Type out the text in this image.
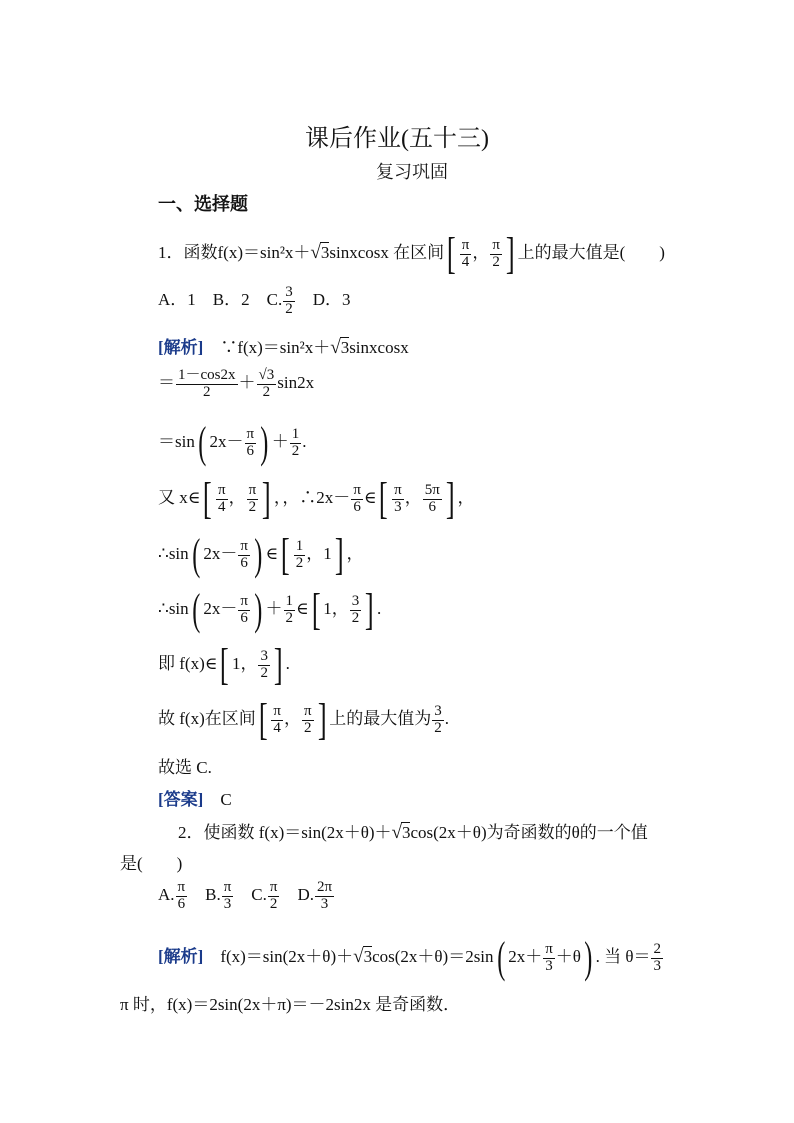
课后作业(五十三)
复习巩固
一、选择题
1．函数f(x)＝sin²x＋√3sinxcosx 在区间[ $\frac{\pi}{4}$ ， $\frac{\pi}{2}$ ] 上的最大值是(　　)
A．1　B．2　C. $\frac{3}{2}$ 　D．3
[解析]　∵f(x)＝sin²x＋√3sinxcosx
＝ $\frac{1-\cos 2x}{2} + \frac{√3}{2} \sin 2x$
＝sin( $2x- \frac{\pi}{6}$ ) ＋ $\frac{1}{2}$ .
又 x∈[ $\frac{\pi}{4}$ ， $\frac{\pi}{2}$ ] ，，∴2x－ $\frac{\pi}{6}$ ∈[ $\frac{\pi}{3}$ ， $\frac{5\pi}{6}$ ] ，
∴sin( $2x- \frac{\pi}{6}$ ) ∈[ $\frac{1}{2}$ ，1] ，
∴sin( $2x- \frac{\pi}{6}$ ) ＋ $\frac{1}{2}$ ∈[ 1， $\frac{3}{2}$ ] .
即 f(x)∈[ 1， $\frac{3}{2}$ ] .
故 f(x)在区间[ $\frac{\pi}{4}$ ， $\frac{\pi}{2}$ ] 上的最大值为 $\frac{3}{2}$ .
故选 C.
[答案]　C
2．使函数 f(x)＝sin(2x＋θ)＋√3cos(2x＋θ)为奇函数的θ的一个值
是(　　)
A. $\frac{\pi}{6}$ 　B. $\frac{\pi}{3}$ 　C. $\frac{\pi}{2}$ 　D. $\frac{2\pi}{3}$
[解析]　f(x)＝sin(2x＋θ)＋√3cos(2x＋θ)＝2sin( $2x+ \frac{\pi}{3} +\theta$) . 当 $\theta= \frac{2}{3}$
π 时，f(x)＝2sin(2x＋π)＝－2sin2x 是奇函数．
